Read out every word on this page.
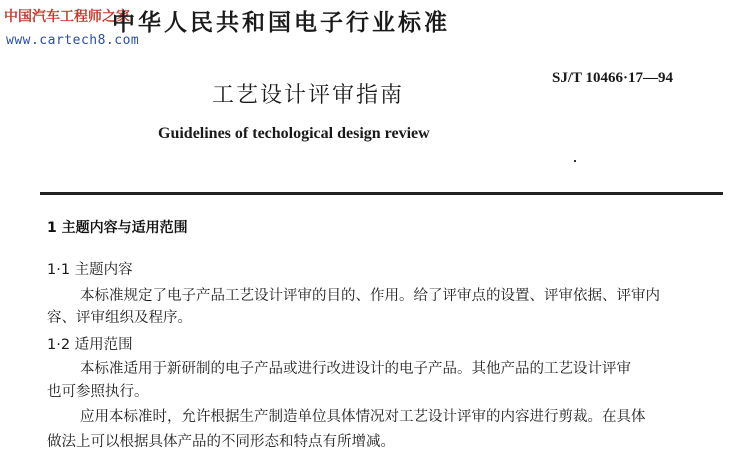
中国汽车工程师之家
www.cartech8.com
中华人民共和国电子行业标准
工艺设计评审指南
SJ/T 10466·17—94
Guidelines of techological design review
1 主题内容与适用范围
1·1 主题内容
本标准规定了电子产品工艺设计评审的目的、作用。给了评审点的设置、评审依据、评审内
容、评审组织及程序。
1·2 适用范围
本标准适用于新研制的电子产品或进行改进设计的电子产品。其他产品的工艺设计评审
也可参照执行。
应用本标准时，允许根据生产制造单位具体情况对工艺设计评审的内容进行剪裁。在具体
做法上可以根据具体产品的不同形态和特点有所增减。
